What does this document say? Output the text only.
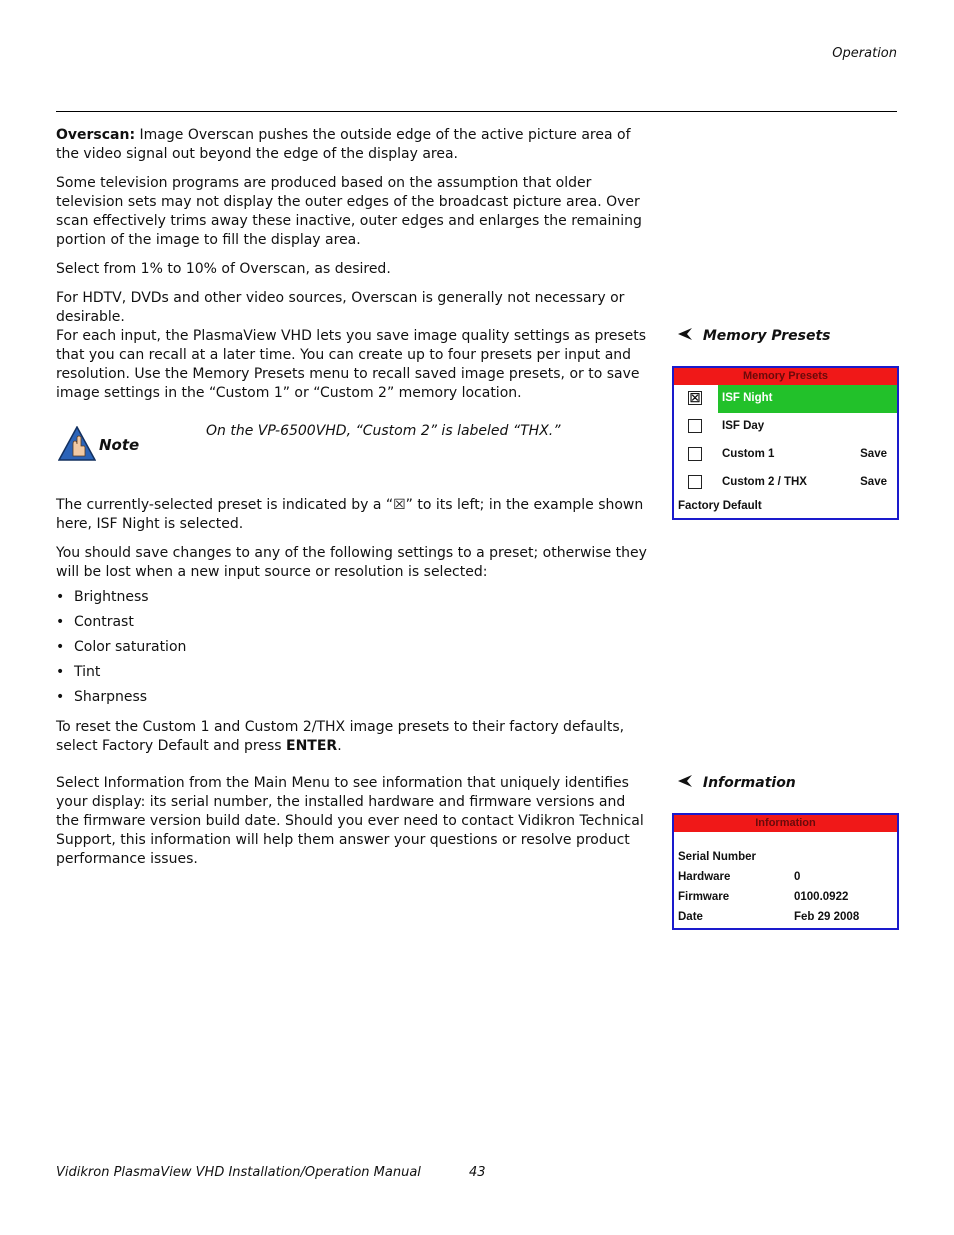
Operation

Overscan: Image Overscan pushes the outside edge of the active picture area of the video signal out beyond the edge of the display area.

Some television programs are produced based on the assumption that older television sets may not display the outer edges of the broadcast picture area. Over scan effectively trims away these inactive, outer edges and enlarges the remaining portion of the image to fill the display area.

Select from 1% to 10% of Overscan, as desired.

For HDTV, DVDs and other video sources, Overscan is generally not necessary or desirable.

For each input, the PlasmaView VHD lets you save image quality settings as presets that you can recall at a later time. You can create up to four presets per input and resolution. Use the Memory Presets menu to recall saved image presets, or to save image settings in the “Custom 1” or “Custom 2” memory location.
Memory Presets
Memory Presets
☒ ISF Night
ISF Day
Custom 1	Save
Custom 2 / THX	Save
Factory Default
Note
On the VP-6500VHD, “Custom 2” is labeled “THX.”

The currently-selected preset is indicated by a “☒” to its left; in the example shown here, ISF Night is selected.

You should save changes to any of the following settings to a preset; otherwise they will be lost when a new input source or resolution is selected:

• Brightness
• Contrast
• Color saturation
• Tint
• Sharpness

To reset the Custom 1 and Custom 2/THX image presets to their factory defaults, select Factory Default and press ENTER.

Select Information from the Main Menu to see information that uniquely identifies your display: its serial number, the installed hardware and firmware versions and the firmware version build date. Should you ever need to contact Vidikron Technical Support, this information will help them answer your questions or resolve product performance issues.
Information
Information
Serial Number
Hardware	0
Firmware	0100.0922
Date	Feb 29 2008
Vidikron PlasmaView VHD Installation/Operation Manual	43
